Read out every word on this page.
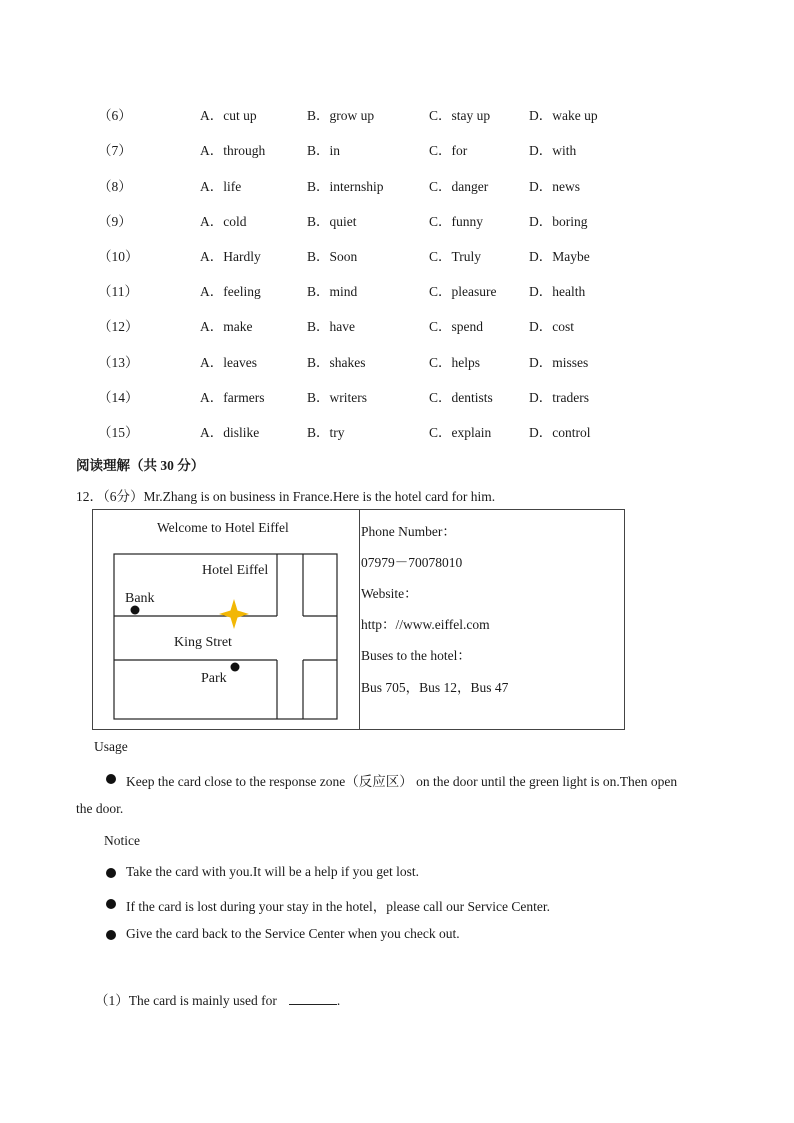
（6）	A．cut up	B．grow up	C．stay up	D．wake up
（7）	A．through	B．in	C．for	D．with
（8）	A．life	B．internship	C．danger	D．news
（9）	A．cold	B．quiet	C．funny	D．boring
（10）	A．Hardly	B．Soon	C．Truly	D．Maybe
（11）	A．feeling	B．mind	C．pleasure D．health
（12）	A．make	B．have	C．spend	D．cost
（13）	A．leaves	B．shakes	C．helps	D．misses
（14）	A．farmers	B．writers	C．dentists	D．traders
（15）	A．dislike	B．try	C．explain	D．control
阅读理解（共 30 分）
12．（6分）Mr.Zhang is on business in France.Here is the hotel card for him.
Welcome to Hotel Eiffel
Hotel Eiffel
Bank
King Stret
Park
Phone Number：
07979－70078010
Website：
http：//www.eiffel.com
Buses to the hotel：
Bus 705，Bus 12，Bus 47
Usage
Keep the card close to the response zone（反应区） on the door until the green light is on.Then open
the door.
Notice
Take the card with you.It will be a help if you get lost.
If the card is lost during your stay in the hotel，please call our Service Center.
Give the card back to the Service Center when you check out.
（1）The card is mainly used for	.
